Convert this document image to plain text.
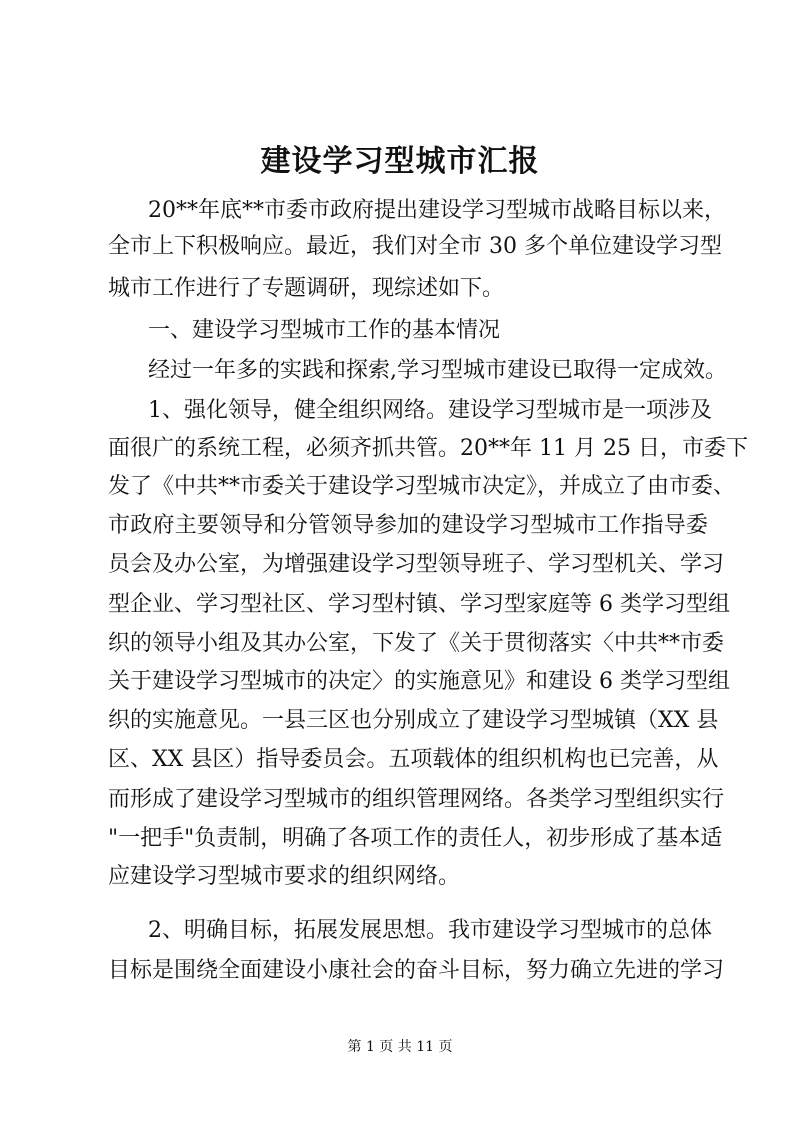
建设学习型城市汇报
20**年底**市委市政府提出建设学习型城市战略目标以来，
全市上下积极响应。最近，我们对全市 30 多个单位建设学习型
城市工作进行了专题调研，现综述如下。
一、建设学习型城市工作的基本情况
经过一年多的实践和探索,学习型城市建设已取得一定成效。
1、强化领导，健全组织网络。建设学习型城市是一项涉及
面很广的系统工程，必须齐抓共管。20**年 11 月 25 日，市委下
发了《中共**市委关于建设学习型城市决定》，并成立了由市委、
市政府主要领导和分管领导参加的建设学习型城市工作指导委
员会及办公室，为增强建设学习型领导班子、学习型机关、学习
型企业、学习型社区、学习型村镇、学习型家庭等 6 类学习型组
织的领导小组及其办公室，下发了《关于贯彻落实〈中共**市委
关于建设学习型城市的决定〉的实施意见》和建设 6 类学习型组
织的实施意见。一县三区也分别成立了建设学习型城镇（XX 县
区、XX 县区）指导委员会。五项载体的组织机构也已完善，从
而形成了建设学习型城市的组织管理网络。各类学习型组织实行
"一把手"负责制，明确了各项工作的责任人，初步形成了基本适
应建设学习型城市要求的组织网络。
2、明确目标，拓展发展思想。我市建设学习型城市的总体
目标是围绕全面建设小康社会的奋斗目标，努力确立先进的学习
第 1 页 共 11 页
